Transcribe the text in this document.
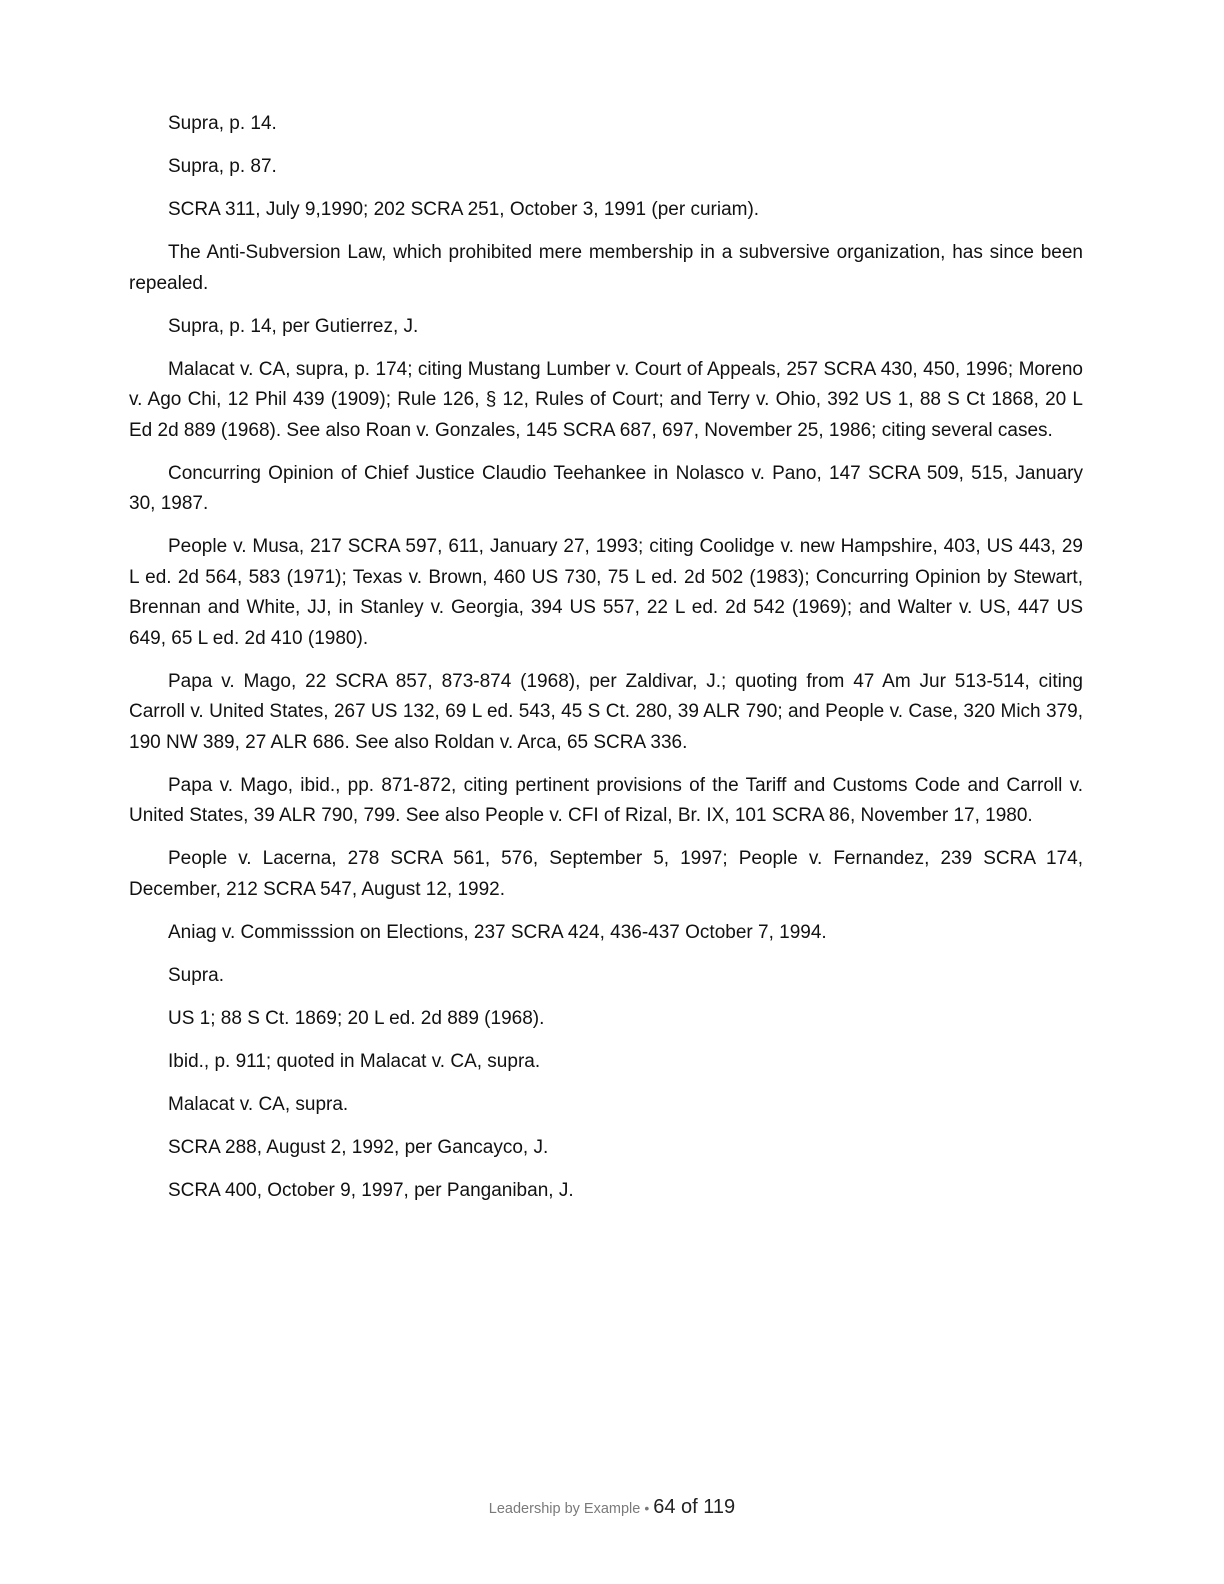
Supra, p. 14.

Supra, p. 87.

SCRA 311, July 9,1990; 202 SCRA 251, October 3, 1991 (per curiam).

The Anti-Subversion Law, which prohibited mere membership in a subversive organization, has since been repealed.

Supra, p. 14, per Gutierrez, J.

Malacat v. CA, supra, p. 174; citing Mustang Lumber v. Court of Appeals, 257 SCRA 430, 450, 1996; Moreno v. Ago Chi, 12 Phil 439 (1909); Rule 126, § 12, Rules of Court; and Terry v. Ohio, 392 US 1, 88 S Ct 1868, 20 L Ed 2d 889 (1968). See also Roan v. Gonzales, 145 SCRA 687, 697, November 25, 1986; citing several cases.

Concurring Opinion of Chief Justice Claudio Teehankee in Nolasco v. Pano, 147 SCRA 509, 515, January 30, 1987.

People v. Musa, 217 SCRA 597, 611, January 27, 1993; citing Coolidge v. new Hampshire, 403, US 443, 29 L ed. 2d 564, 583 (1971); Texas v. Brown, 460 US 730, 75 L ed. 2d 502 (1983); Concurring Opinion by Stewart, Brennan and White, JJ, in Stanley v. Georgia, 394 US 557, 22 L ed. 2d 542 (1969); and Walter v. US, 447 US 649, 65 L ed. 2d 410 (1980).

Papa v. Mago, 22 SCRA 857, 873-874 (1968), per Zaldivar, J.; quoting from 47 Am Jur 513-514, citing Carroll v. United States, 267 US 132, 69 L ed. 543, 45 S Ct. 280, 39 ALR 790; and People v. Case, 320 Mich 379, 190 NW 389, 27 ALR 686. See also Roldan v. Arca, 65 SCRA 336.

Papa v. Mago, ibid., pp. 871-872, citing pertinent provisions of the Tariff and Customs Code and Carroll v. United States, 39 ALR 790, 799. See also People v. CFI of Rizal, Br. IX, 101 SCRA 86, November 17, 1980.

People v. Lacerna, 278 SCRA 561, 576, September 5, 1997; People v. Fernandez, 239 SCRA 174, December, 212 SCRA 547, August 12, 1992.

Aniag v. Commisssion on Elections, 237 SCRA 424, 436-437 October 7, 1994.

Supra.

US 1; 88 S Ct. 1869; 20 L ed. 2d 889 (1968).

Ibid., p. 911; quoted in Malacat v. CA, supra.

Malacat v. CA, supra.

SCRA 288, August 2, 1992, per Gancayco, J.

SCRA 400, October 9, 1997, per Panganiban, J.

Leadership by Example • 64 of 119
